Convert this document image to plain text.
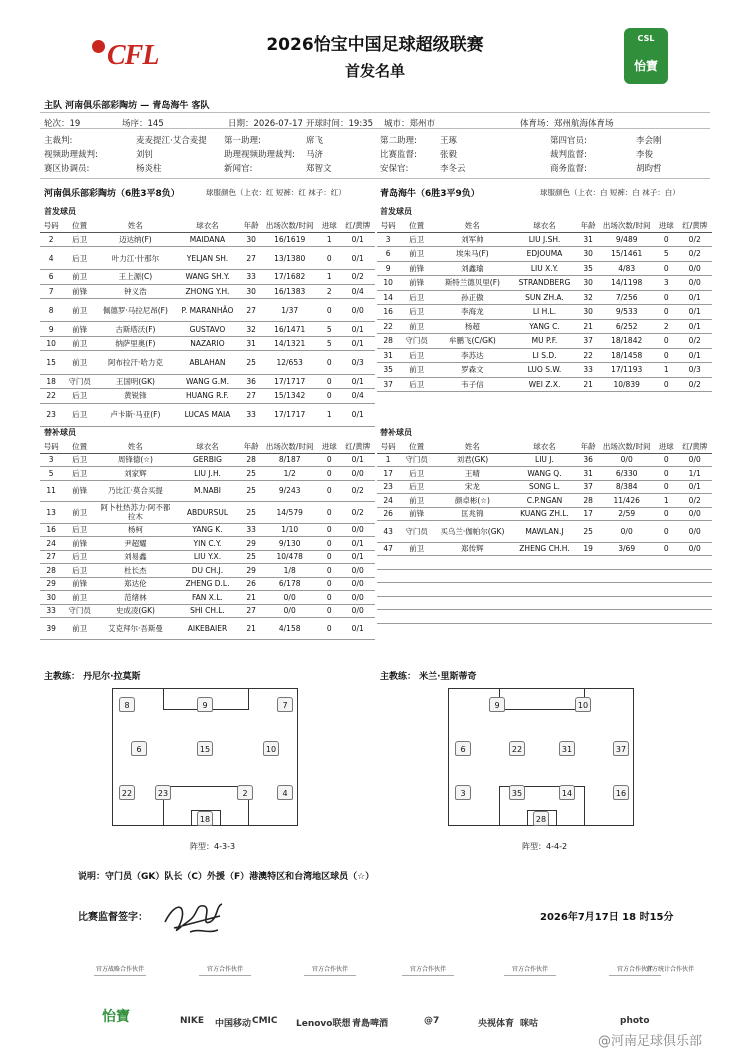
CFL	2026怡宝中国足球超级联赛
首发名单
CSL
怡寶
主队 河南俱乐部彩陶坊 — 青岛海牛 客队
河南俱乐部彩陶坊（6胜3平8负）	球服颜色（上衣：红 短裤：红 袜子：红）	青岛海牛（6胜3平9负）	球服颜色（上衣：白 短裤：白 袜子：白）
首发球员	首发球员
号码	位置	姓名	球衣名	年龄	出场次数/时间	进球	红/黄牌
2	后卫	迈达纳(F)	MAIDANA	30	16/1619	1	0/1
4	后卫	叶力江·什那尔	YELJAN SH.	27	13/1380	0	0/1
6	前卫	王上源(C)	WANG SH.Y.	33	17/1682	1	0/2
7	前锋	钟义浩	ZHONG Y.H.	30	16/1383	2	0/4
8	前卫	佩德罗·马拉尼昂(F)	P. MARANHÃO	27	1/37	0	0/0
9	前锋	古斯塔沃(F)	GUSTAVO	32	16/1471	5	0/1
10	前卫	纳萨里奥(F)	NAZARIO	31	14/1321	5	0/1
15	前卫	阿布拉汗·哈力克	ABLAHAN	25	12/653	0	0/3
18	守门员	王国明(GK)	WANG G.M.	36	17/1717	0	0/1
22	后卫	黄锐锋	HUANG R.F.	27	15/1342	0	0/4
23	后卫	卢卡斯·马亚(F)	LUCAS MAIA	33	17/1717	1	0/1
号码	位置	姓名	球衣名	年龄	出场次数/时间	进球	红/黄牌
3	后卫	刘军帅	LIU J.SH.	31	9/489	0	0/2
6	前卫	埃朱马(F)	EDJOUMA	30	15/1461	5	0/2
9	前锋	刘鑫瑜	LIU X.Y.	35	4/83	0	0/0
10	前锋	斯特兰德贝里(F)	STRANDBERG	30	14/1198	3	0/0
14	后卫	孙正傲	SUN ZH.A.	32	7/256	0	0/1
16	后卫	李海龙	LI H.L.	30	9/533	0	0/1
22	前卫	杨超	YANG C.	21	6/252	2	0/1
28	守门员	牟鹏飞(C/GK)	MU P.F.	37	18/1842	0	0/2
31	后卫	李苏达	LI S.D.	22	18/1458	0	0/1
35	前卫	罗森文	LUO S.W.	33	17/1193	1	0/3
37	后卫	韦子信	WEI Z.X.	21	10/839	0	0/2
替补球员	替补球员
号码	位置	姓名	球衣名	年龄	出场次数/时间	进球	红/黄牌
3	后卫	周锋德(☆)	GERBIG	28	8/187	0	0/1
5	后卫	刘家辉	LIU J.H.	25	1/2	0	0/0
11	前锋	乃比江·莫合买提	M.NABI	25	9/243	0	0/2
13	前卫	阿卜杜热苏力·阿不都拉木	ABDURSUL	25	14/579	0	0/2
16	后卫	杨柯	YANG K.	33	1/10	0	0/0
24	前锋	尹超耀	YIN C.Y.	29	9/130	0	0/1
27	后卫	刘易鑫	LIU Y.X.	25	10/478	0	0/1
28	后卫	杜长杰	DU CH.J.	29	1/8	0	0/0
29	前锋	郑达伦	ZHENG D.L.	26	6/178	0	0/0
30	前卫	范绪林	FAN X.L.	21	0/0	0	0/0
33	守门员	史成凌(GK)	SHI CH.L.	27	0/0	0	0/0
39	前卫	艾克拜尔·吾斯曼	AIKEBAIER	21	4/158	0	0/1
号码	位置	姓名	球衣名	年龄	出场次数/时间	进球	红/黄牌
1	守门员	刘君(GK)	LIU J.	36	0/0	0	0/0
17	后卫	王晴	WANG Q.	31	6/330	0	1/1
23	后卫	宋龙	SONG L.	37	8/384	0	0/1
24	前卫	颜卓彬(☆)	C.P.NGAN	28	11/426	1	0/2
26	前锋	匡兆锦	KUANG ZH.L.	17	2/59	0	0/0
43	守门员	买乌兰·伽帕尔(GK)	MAWLAN.J	25	0/0	0	0/0
47	前卫	郑传辉	ZHENG CH.H.	19	3/69	0	0/0

主教练： 丹尼尔·拉莫斯	主教练： 米兰·里斯蒂奇
8	9	7
6	15	10
22	23	2	4
18
9	10
6	22	31	37
3	35	14	16
28
阵型：4-3-3	阵型：4-4-2
说明：守门员（GK）队长（C）外援（F）港澳特区和台湾地区球员（☆）
比赛监督签字：	2026年7月17日 18 时15分
@河南足球俱乐部
轮次：19	场序：145	日期：2026-07-17 开球时间：19:35 城市：郑州市	体育场：郑州航海体育场
主裁判:	麦麦提江·艾合麦提 第一助理:	席飞	第二助理:	王琢	第四官员:	李会刚
视频助理裁判:	刘钊	助理视频助理裁判: 马济	比赛监督:	张毅	裁判监督:	李俊
赛区协调员:	杨炎柱	新闻官:	郑智文	安保官:	李冬云	商务监督:	胡昀哲
官方战略合作伙伴	官方合作伙伴	官方合作伙伴	官方合作伙伴	官方合作伙伴	官方合作伙伴
官方统计合作伙伴
怡寶	NIKE 中国移动 CMIC Lenovo联想 青島啤酒	@7	央视体育 咪咕	photo
